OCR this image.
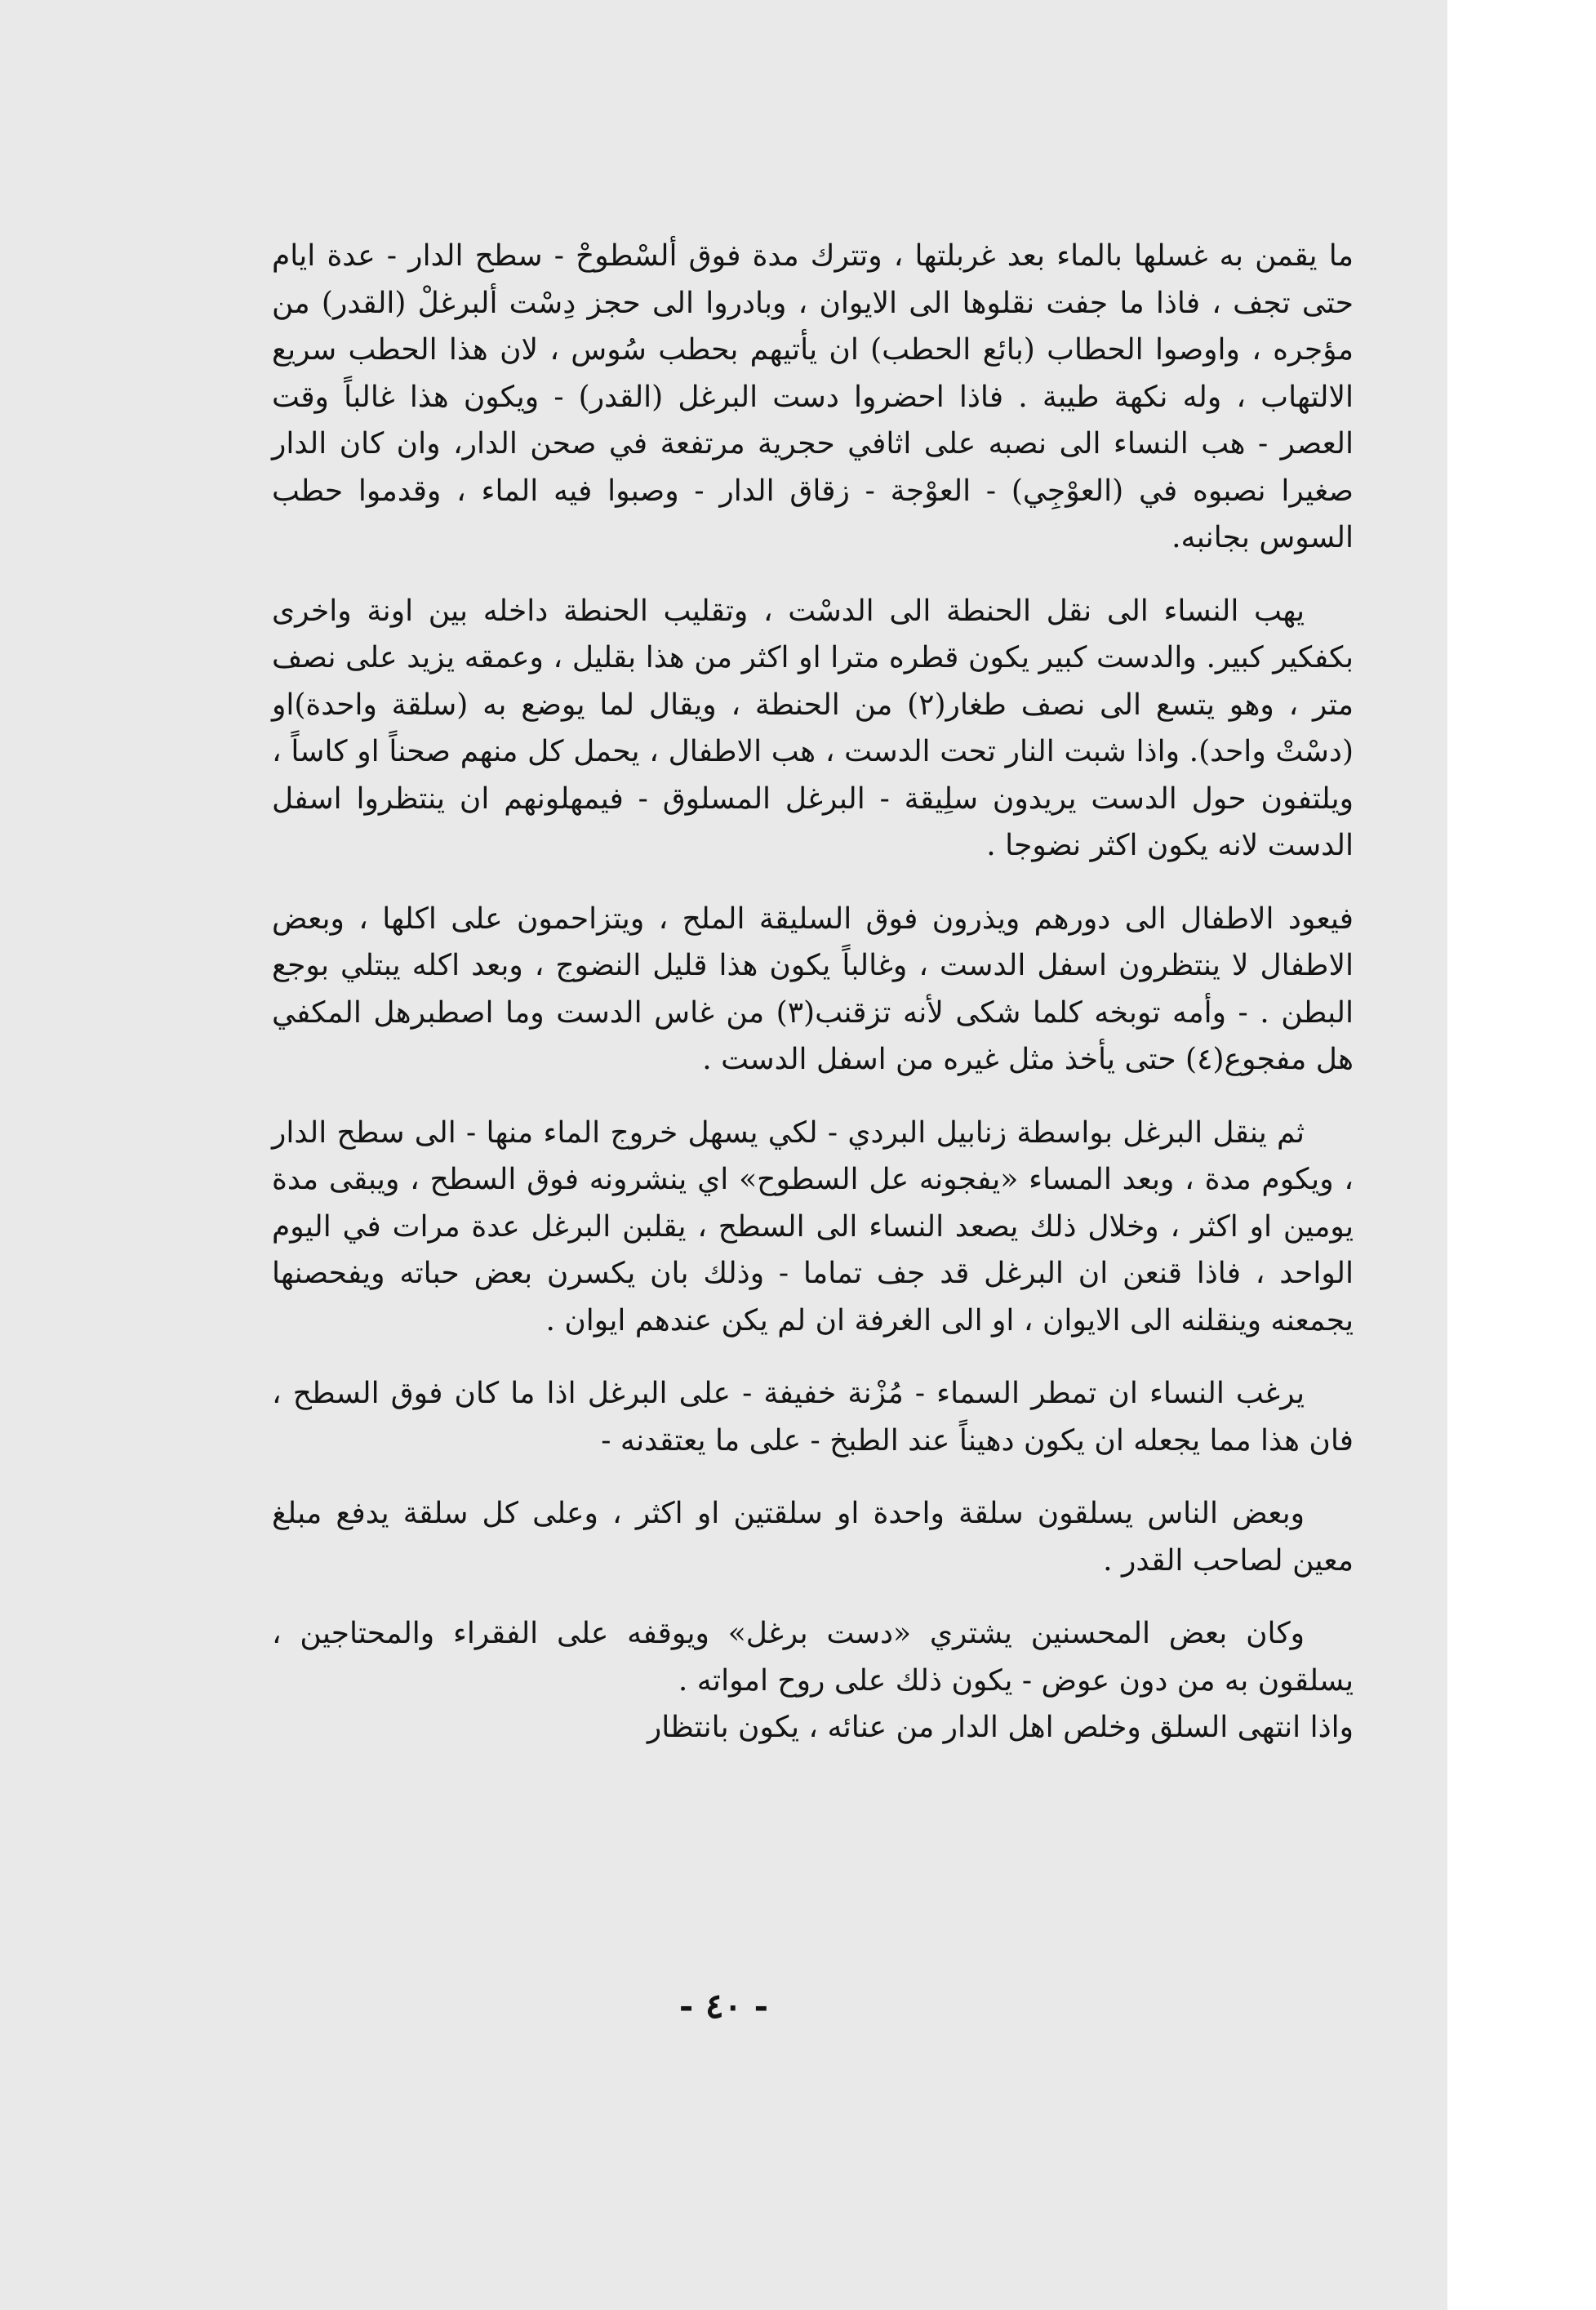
ما يقمن به غسلها بالماء بعد غربلتها ، وتترك مدة فوق ألسْطوحْ - سطح الدار - عدة ايام حتى تجف ، فاذا ما جفت نقلوها الى الايوان ، وبادروا الى حجز دِسْت ألبرغلْ (القدر) من مؤجره ، واوصوا الحطاب (بائع الحطب) ان يأتيهم بحطب سُوس ، لان هذا الحطب سريع الالتهاب ، وله نكهة طيبة . فاذا احضروا دست البرغل (القدر) - ويكون هذا غالباً وقت العصر - هب النساء الى نصبه على اثافي حجرية مرتفعة في صحن الدار، وان كان الدار صغيرا نصبوه في (العوْجِي) - العوْجة - زقاق الدار - وصبوا فيه الماء ، وقدموا حطب السوس بجانبه.

يهب النساء الى نقل الحنطة الى الدسْت ، وتقليب الحنطة داخله بين اونة واخرى بكفكير كبير. والدست كبير يكون قطره مترا او اكثر من هذا بقليل ، وعمقه يزيد على نصف متر ، وهو يتسع الى نصف طغار(٢) من الحنطة ، ويقال لما يوضع به (سلقة واحدة)او (دسْتْ واحد). واذا شبت النار تحت الدست ، هب الاطفال ، يحمل كل منهم صحناً او كاساً ، ويلتفون حول الدست يريدون سلِيقة - البرغل المسلوق - فيمهلونهم ان ينتظروا اسفل الدست لانه يكون اكثر نضوجا .

فيعود الاطفال الى دورهم ويذرون فوق السليقة الملح ، ويتزاحمون على اكلها ، وبعض الاطفال لا ينتظرون اسفل الدست ، وغالباً يكون هذا قليل النضوج ، وبعد اكله يبتلي بوجع البطن . - وأمه توبخه كلما شكى لأنه تزقنب(٣) من غاس الدست وما اصطبرهل المكفي هل مفجوع(٤) حتى يأخذ مثل غيره من اسفل الدست .

ثم ينقل البرغل بواسطة زنابيل البردي - لكي يسهل خروج الماء منها - الى سطح الدار ، ويكوم مدة ، وبعد المساء «يفجونه عل السطوح» اي ينشرونه فوق السطح ، ويبقى مدة يومين او اكثر ، وخلال ذلك يصعد النساء الى السطح ، يقلبن البرغل عدة مرات في اليوم الواحد ، فاذا قنعن ان البرغل قد جف تماما - وذلك بان يكسرن بعض حباته ويفحصنها يجمعنه وينقلنه الى الايوان ، او الى الغرفة ان لم يكن عندهم ايوان .

يرغب النساء ان تمطر السماء - مُزْنة خفيفة - على البرغل اذا ما كان فوق السطح ، فان هذا مما يجعله ان يكون دهيناً عند الطبخ - على ما يعتقدنه -

وبعض الناس يسلقون سلقة واحدة او سلقتين او اكثر ، وعلى كل سلقة يدفع مبلغ معين لصاحب القدر .

وكان بعض المحسنين يشتري «دست برغل» ويوقفه على الفقراء والمحتاجين ، يسلقون به من دون عوض - يكون ذلك على روح امواته .

واذا انتهى السلق وخلص اهل الدار من عنائه ، يكون بانتظار

- ٤٠ -
